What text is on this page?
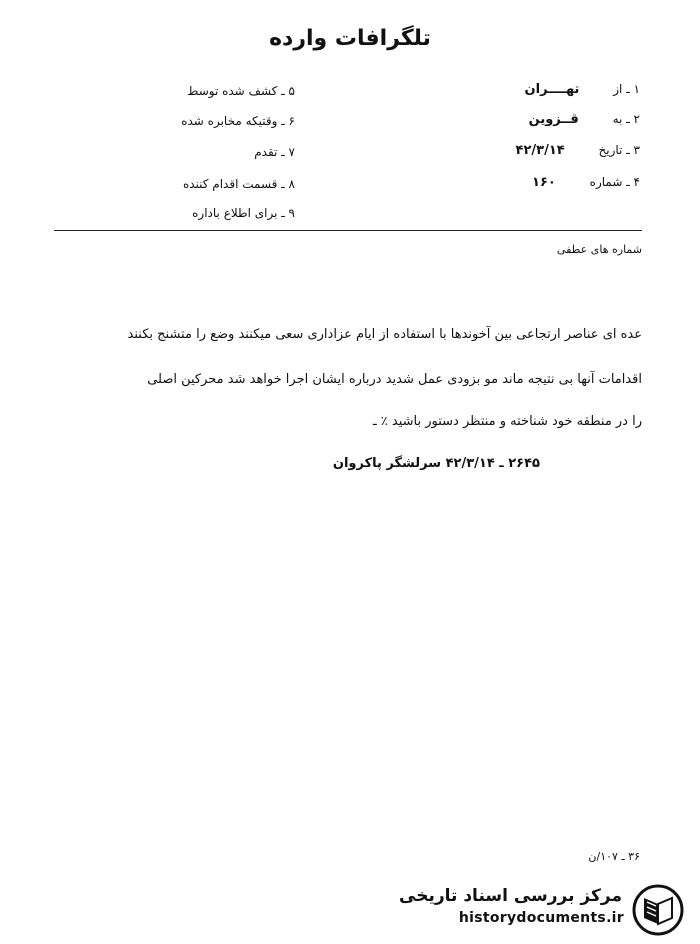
تلگرافات وارده
۱ ـ از تهــــران
۲ ـ به قــزوین
۳ ـ تاریخ ۴۲/۳/۱۴
۴ ـ شماره ۱۶۰
۵ ـ کشف شده توسط
۶ ـ وقتیکه مخابره شده
۷ ـ تقدم
۸ ـ قسمت اقدام کننده
۹ ـ برای اطلاع باداره
شماره های عطفی
عده ای عناصر ارتجاعی بین آخوندها با استفاده از ایام عزاداری سعی میکنند وضع را متشنج بکنند
اقدامات آنها بی نتیجه ماند مو بزودی عمل شدید درباره ایشان اجرا خواهد شد محرکین اصلی
را در منطقه خود شناخته و منتظر دستور باشید ٪ ـ
۲۶۴۵ ـ ۴۲/۳/۱۴ سرلشگر پاکروان
۳۶ ـ ۱۰۷/ن
مرکز بررسی اسناد تاریخی
historydocuments.ir
